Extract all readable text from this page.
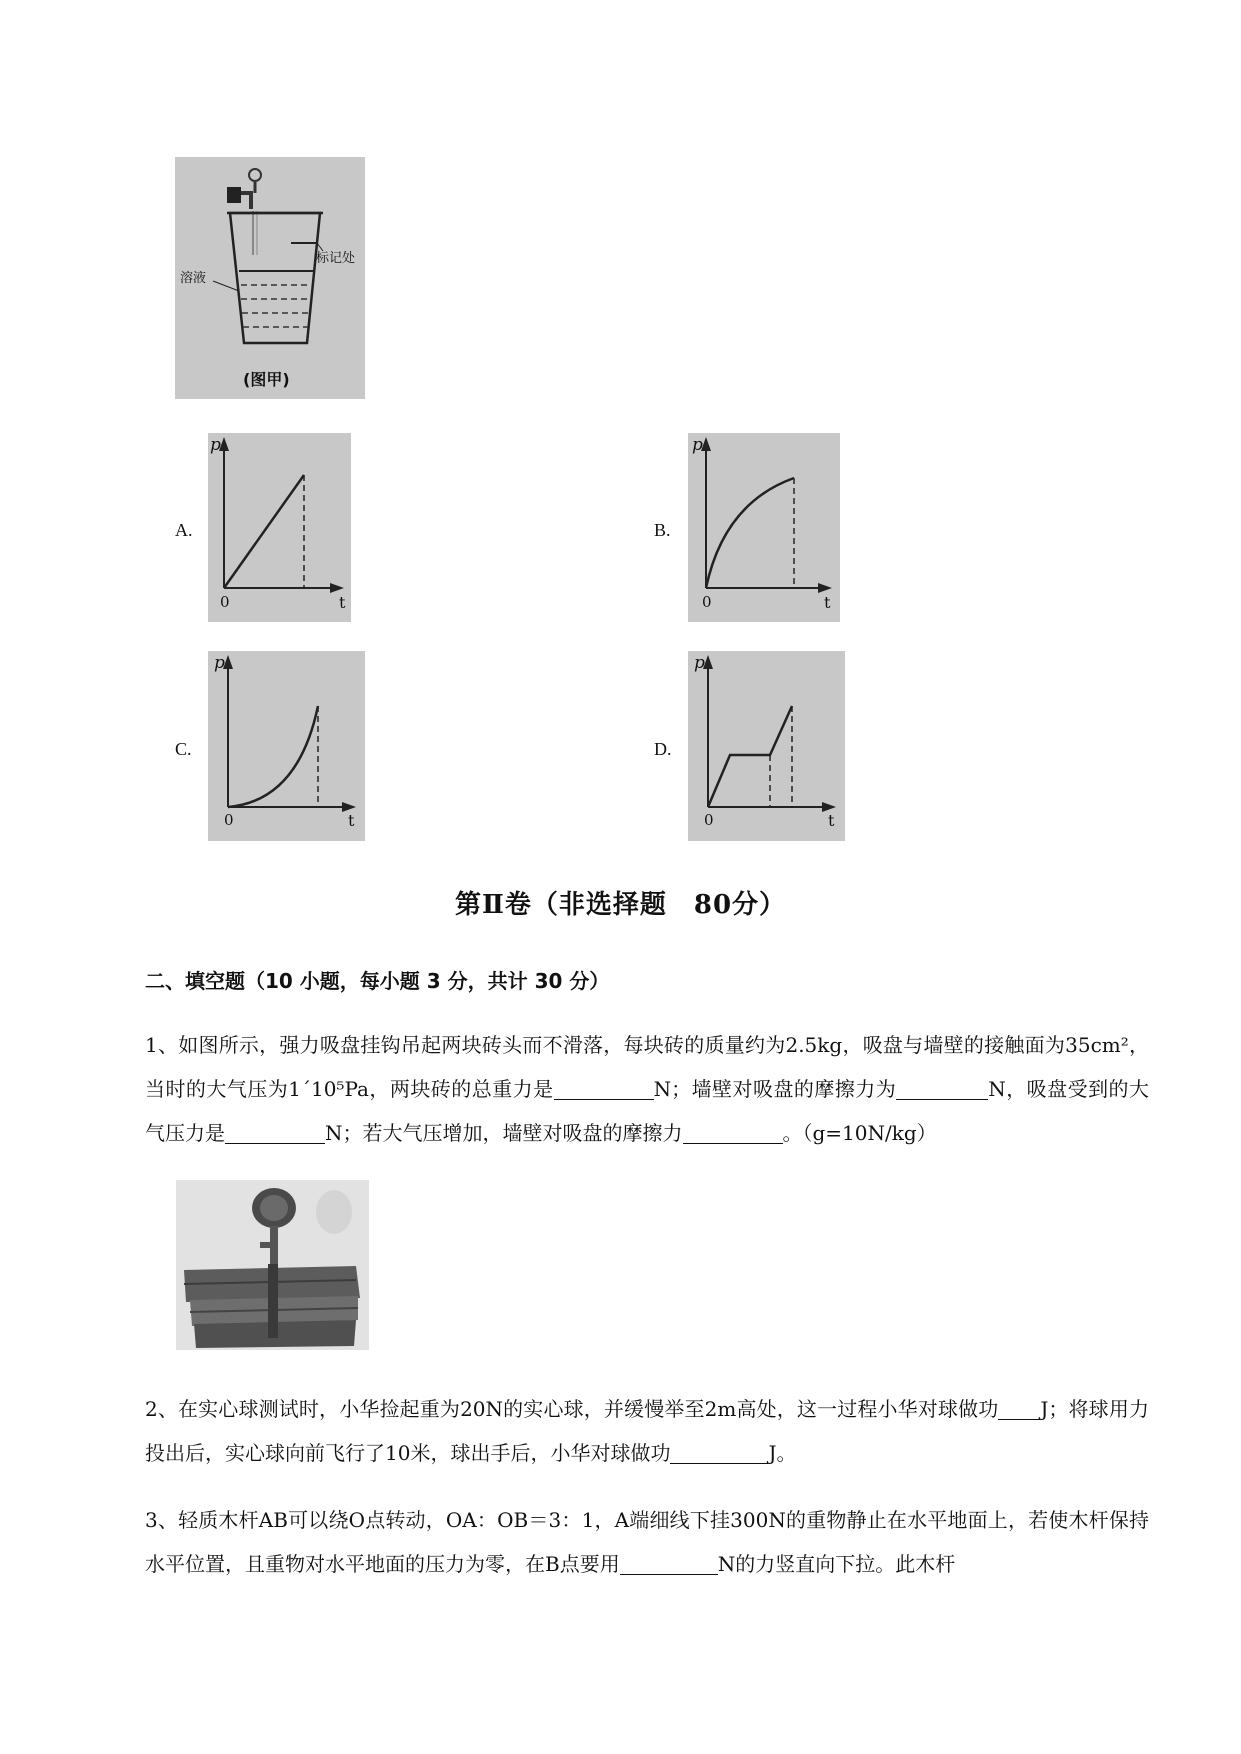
溶液
标记处
(图甲)
A.
p
0	t
B.
p
0	t
C.
p
0	t
D.
p
0	t
第Ⅱ卷（非选择题　80分）
二、填空题（10 小题，每小题 3 分，共计 30 分）
1、如图所示，强力吸盘挂钩吊起两块砖头而不滑落，每块砖的质量约为2.5kg，吸盘与墙壁的接触面为35cm²，当时的大气压为1´10⁵Pa，两块砖的总重力是	N；墙壁对吸盘的摩擦力为	N，吸盘受到的大气压力是	N；若大气压增加，墙壁对吸盘的摩擦力	。（g=10N/kg）
2、在实心球测试时，小华捡起重为20N的实心球，并缓慢举至2m高处，这一过程小华对球做功 J；将球用力投出后，实心球向前飞行了10米，球出手后，小华对球做功	J。
3、轻质木杆AB可以绕O点转动，OA：OB＝3：1，A端细线下挂300N的重物静止在水平地面上，若使木杆保持水平位置，且重物对水平地面的压力为零，在B点要用	N的力竖直向下拉。此木杆
